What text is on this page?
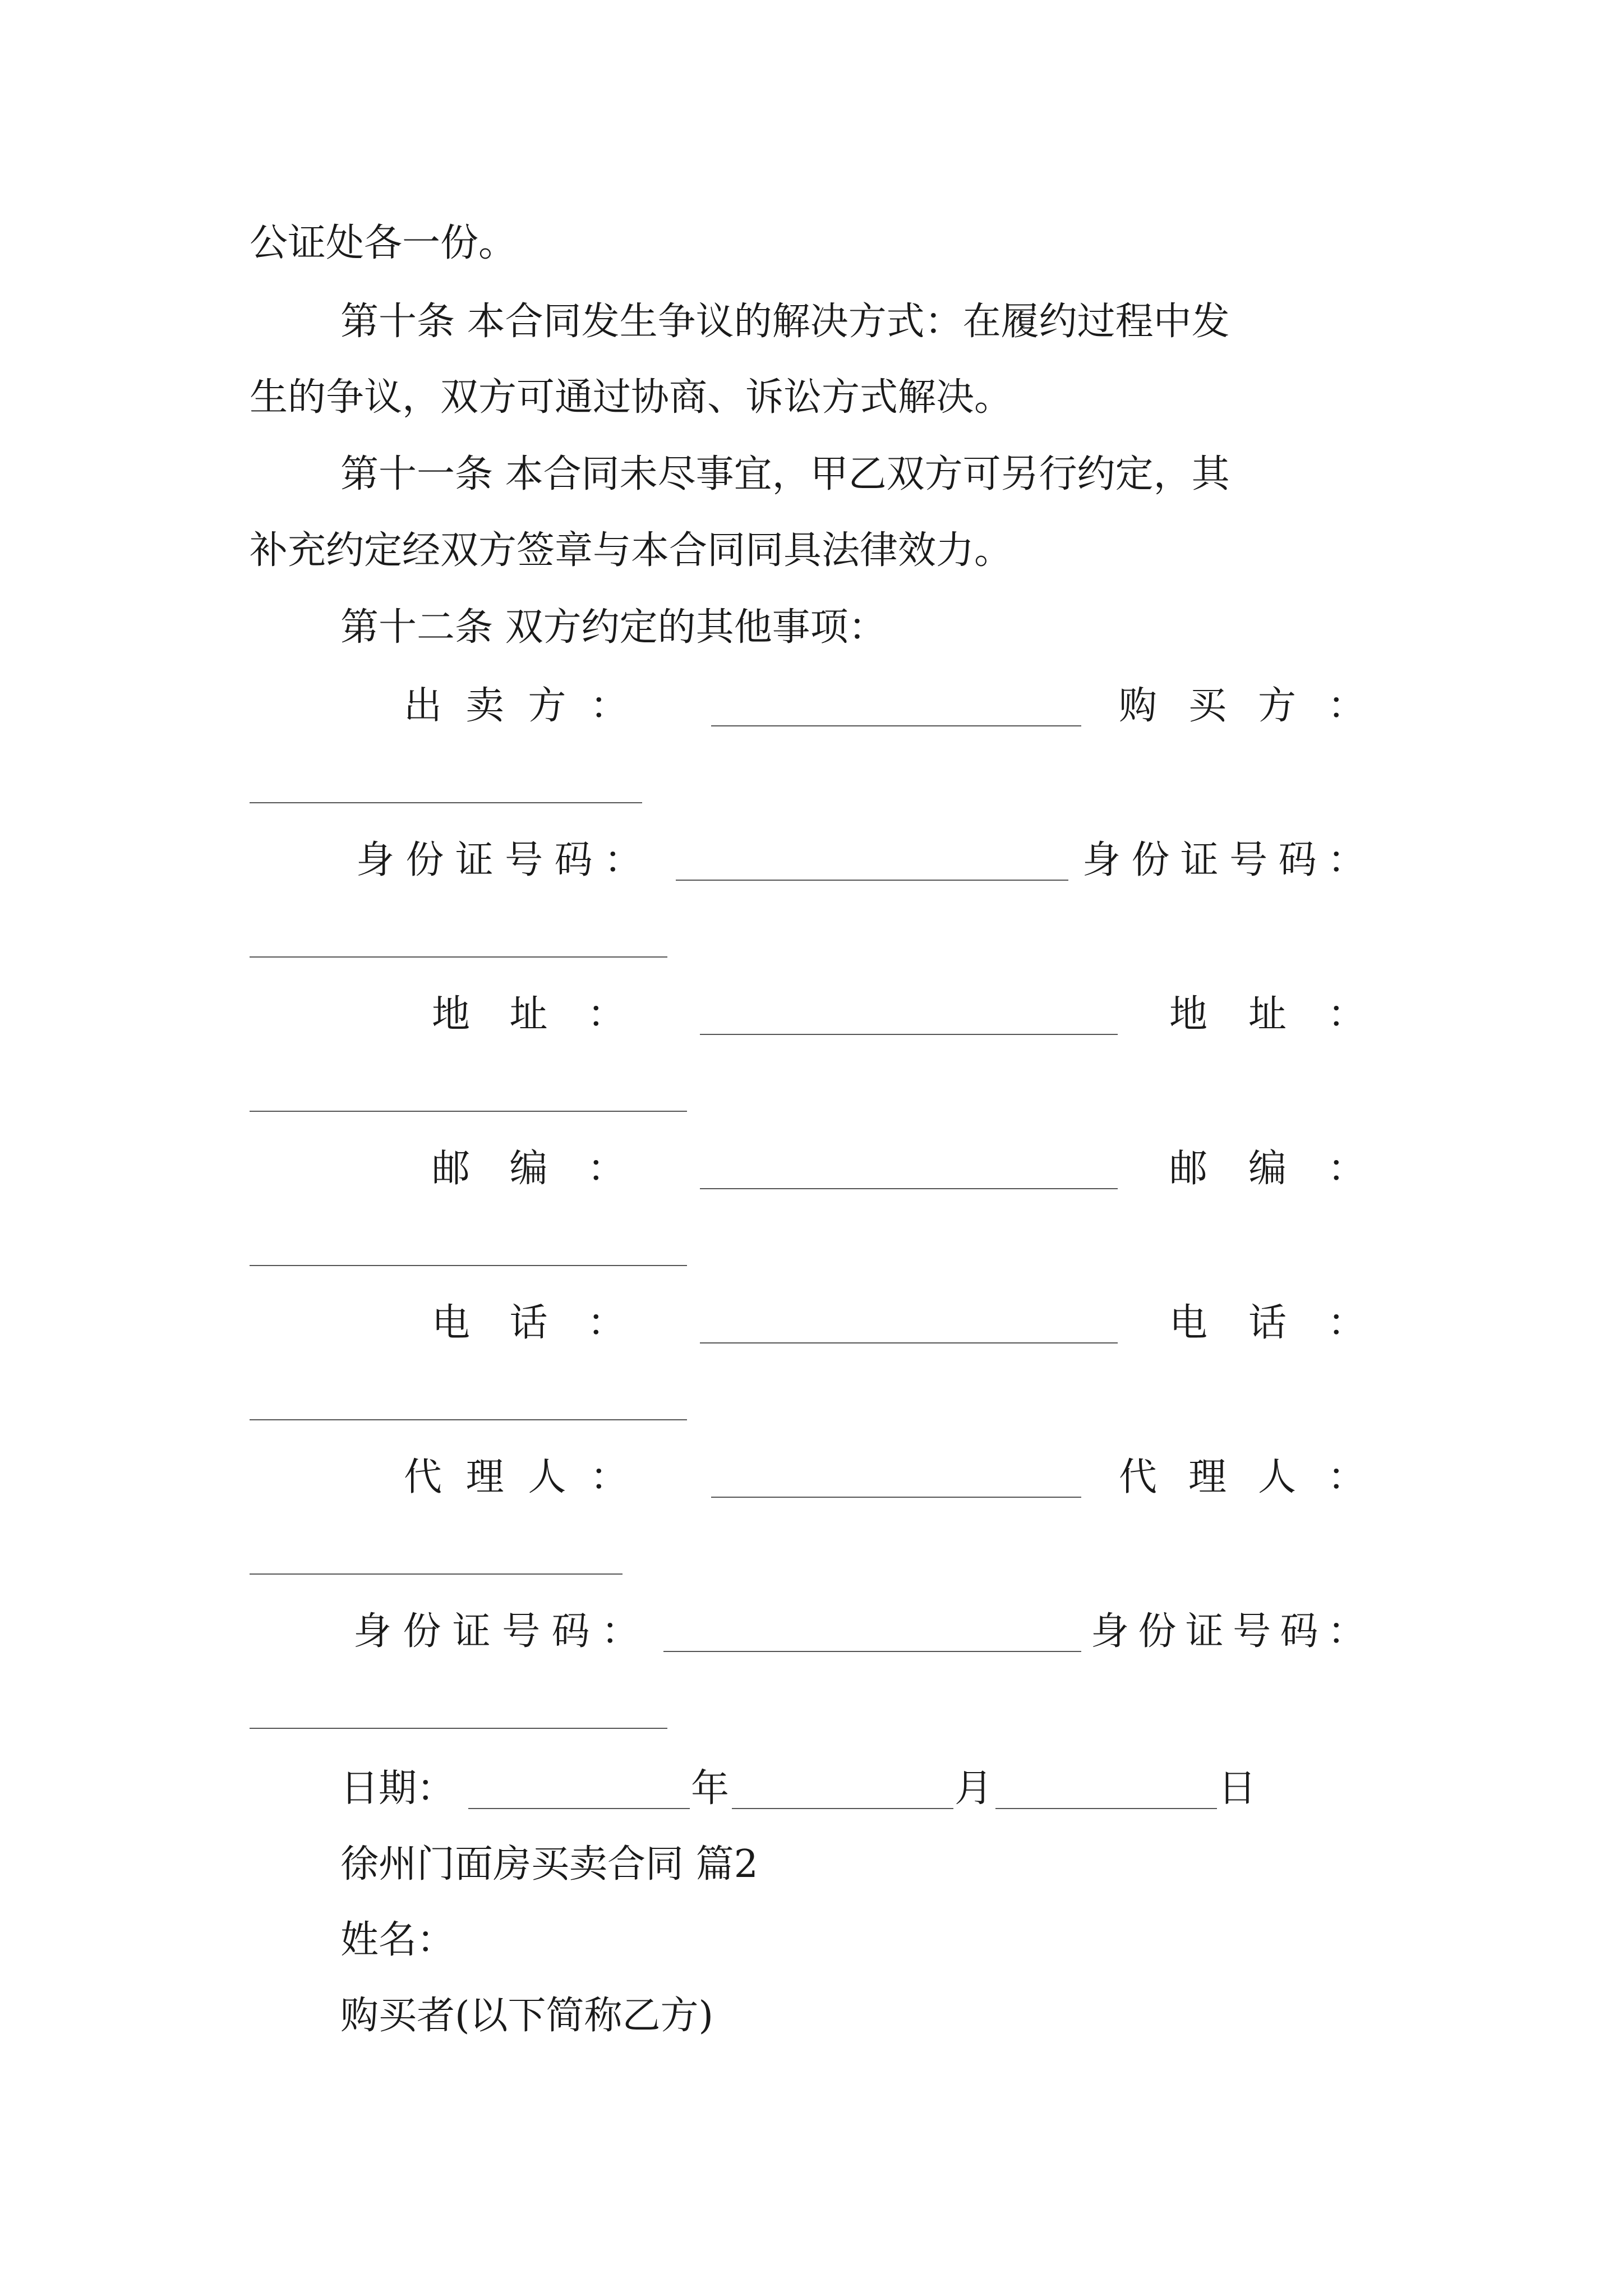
公证处各一份。
第十条 本合同发生争议的解决方式：在履约过程中发
生的争议，双方可通过协商、诉讼方式解决。
第十一条 本合同未尽事宜，甲乙双方可另行约定，其
补充约定经双方签章与本合同同具法律效力。
第十二条 双方约定的其他事项：
出 卖 方 ：	购 买 方 ：
身 份 证 号 码 ：	身 份 证 号 码 ：
地 址 ：	地 址 ：
邮 编 ：	邮 编 ：
电 话 ：	电 话 ：
代 理 人 ：	代 理 人 ：
身 份 证 号 码 ：	身 份 证 号 码 ：
日期：	年	月	日
徐州门面房买卖合同 篇2
姓名：
购买者(以下简称乙方)
